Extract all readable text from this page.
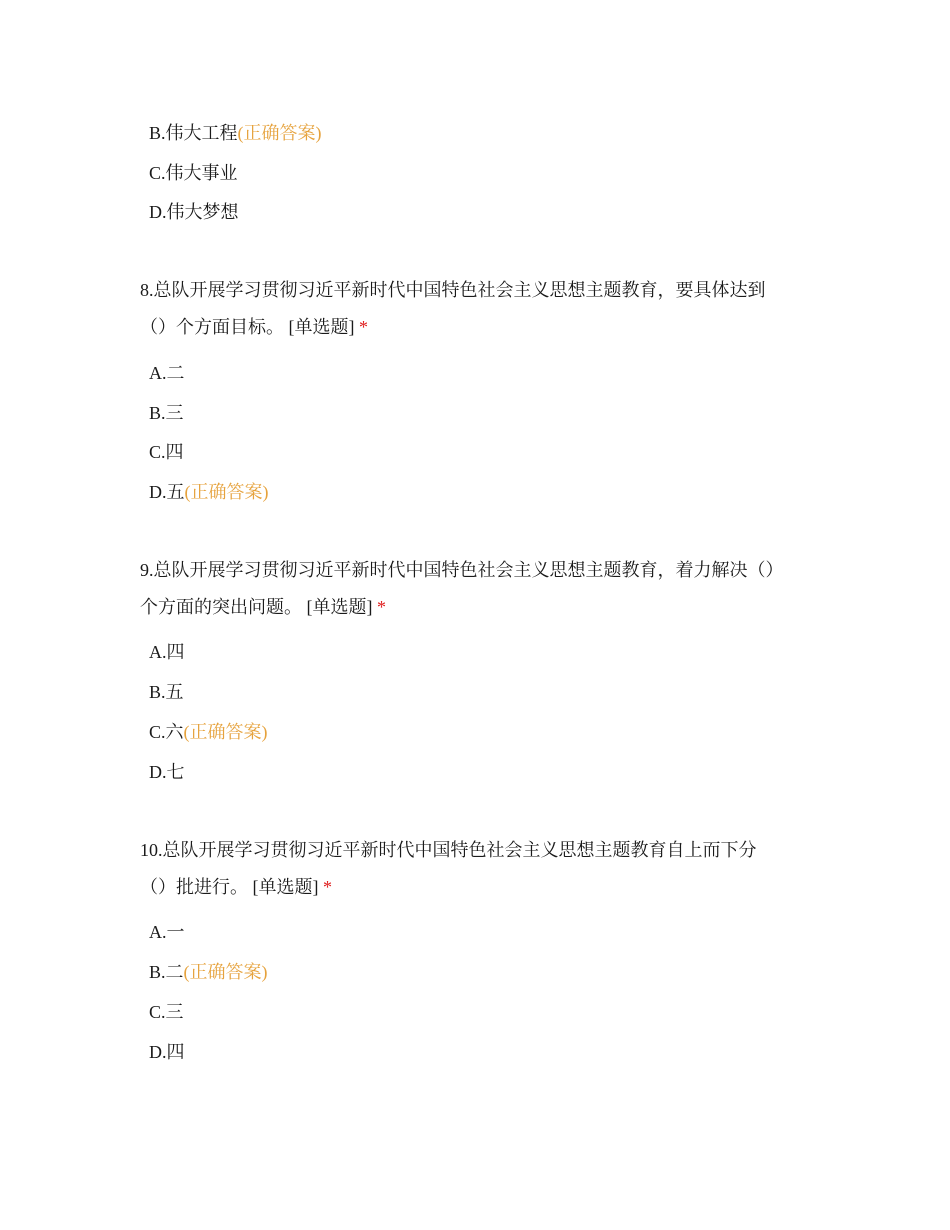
B.伟大工程(正确答案)
C.伟大事业
D.伟大梦想
8.总队开展学习贯彻习近平新时代中国特色社会主义思想主题教育，要具体达到
（）个方面目标。 [单选题] *
A.二
B.三
C.四
D.五(正确答案)
9.总队开展学习贯彻习近平新时代中国特色社会主义思想主题教育，着力解决（）
个方面的突出问题。 [单选题] *
A.四
B.五
C.六(正确答案)
D.七
10.总队开展学习贯彻习近平新时代中国特色社会主义思想主题教育自上而下分
（）批进行。 [单选题] *
A.一
B.二(正确答案)
C.三
D.四
